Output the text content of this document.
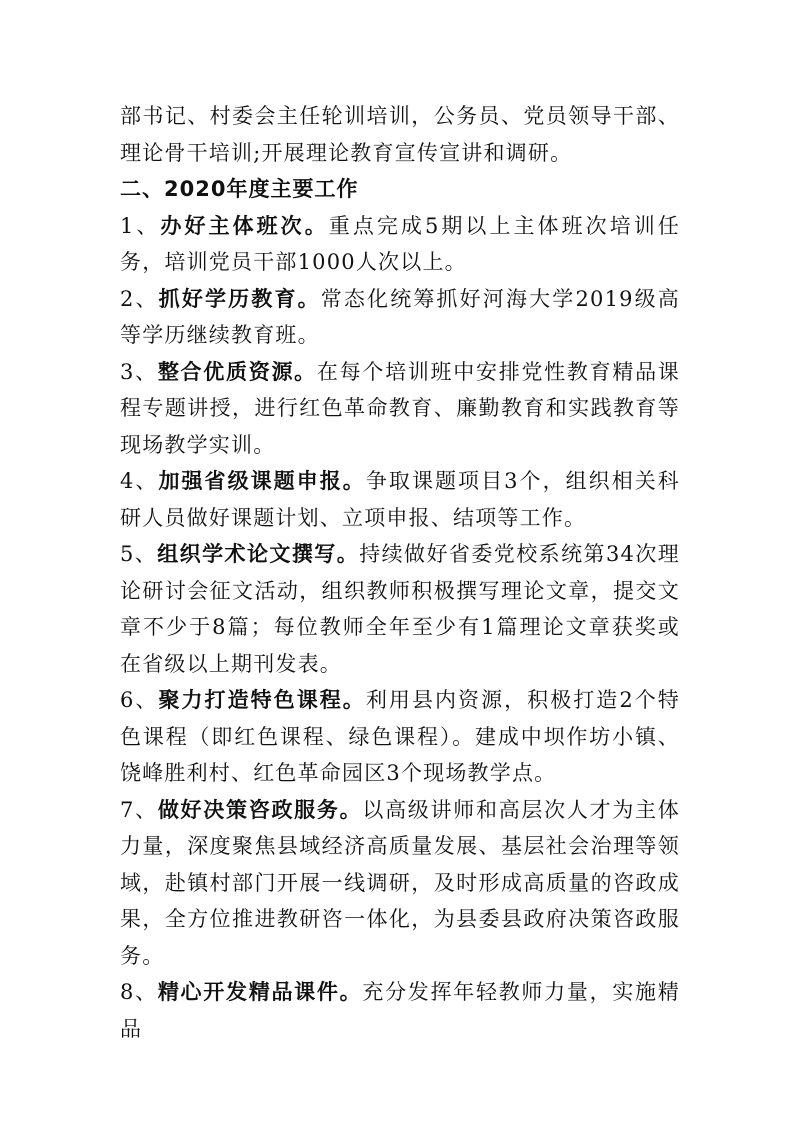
部书记、村委会主任轮训培训，公务员、党员领导干部、理论骨干培训;开展理论教育宣传宣讲和调研。

二、2020年度主要工作

1、办好主体班次。重点完成5期以上主体班次培训任务，培训党员干部1000人次以上。

2、抓好学历教育。常态化统筹抓好河海大学2019级高等学历继续教育班。

3、整合优质资源。在每个培训班中安排党性教育精品课程专题讲授，进行红色革命教育、廉勤教育和实践教育等现场教学实训。

4、加强省级课题申报。争取课题项目3个，组织相关科研人员做好课题计划、立项申报、结项等工作。

5、组织学术论文撰写。持续做好省委党校系统第34次理论研讨会征文活动，组织教师积极撰写理论文章，提交文章不少于8篇；每位教师全年至少有1篇理论文章获奖或在省级以上期刊发表。

6、聚力打造特色课程。利用县内资源，积极打造2个特色课程（即红色课程、绿色课程）。建成中坝作坊小镇、饶峰胜利村、红色革命园区3个现场教学点。

7、做好决策咨政服务。以高级讲师和高层次人才为主体力量，深度聚焦县域经济高质量发展、基层社会治理等领域，赴镇村部门开展一线调研，及时形成高质量的咨政成果，全方位推进教研咨一体化，为县委县政府决策咨政服务。

8、精心开发精品课件。充分发挥年轻教师力量，实施精品
